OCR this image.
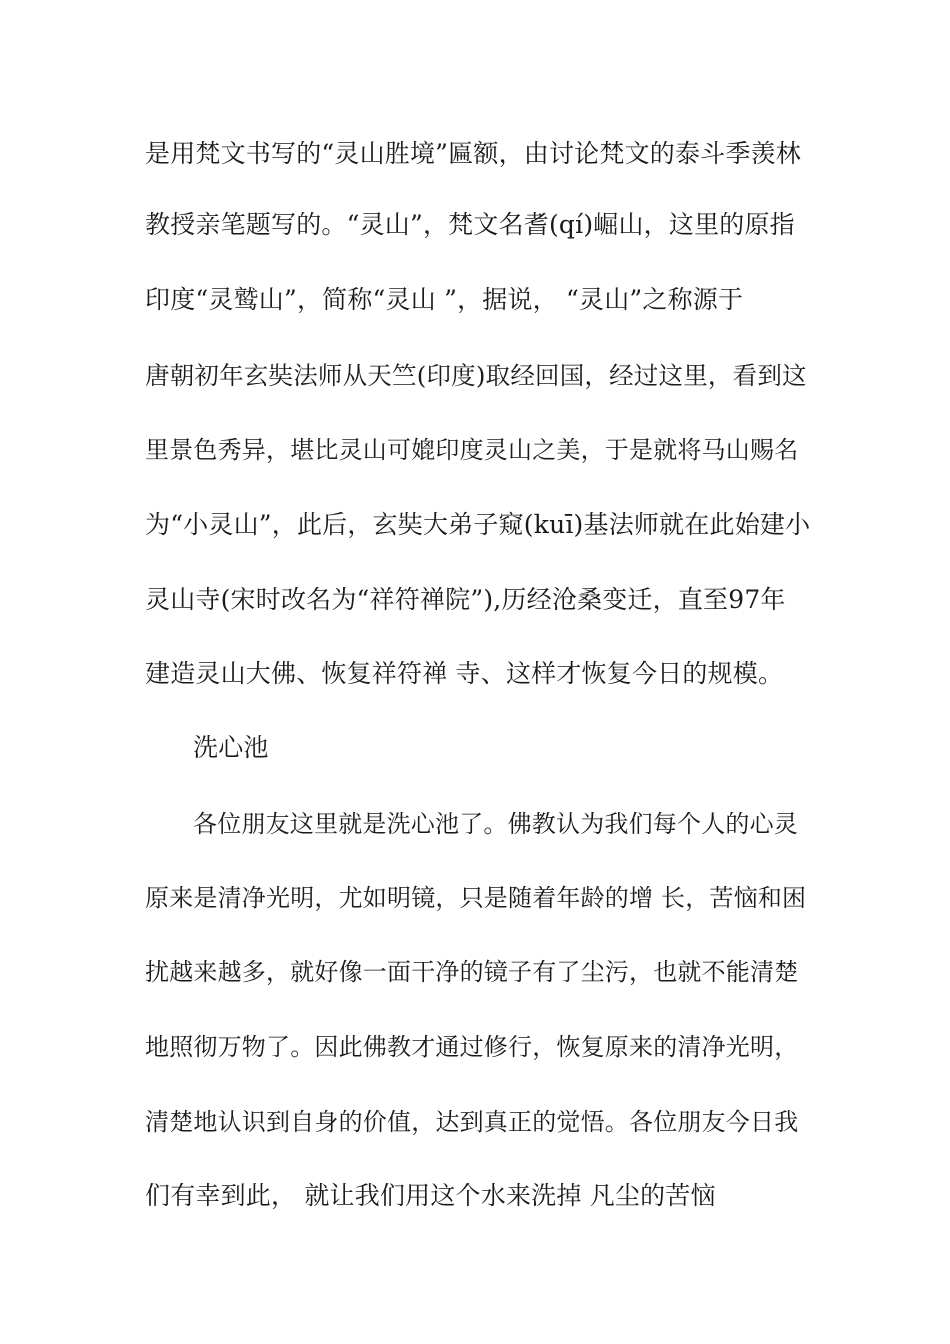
是用梵文书写的“灵山胜境”匾额，由讨论梵文的泰斗季羡林
教授亲笔题写的。“灵山”，梵文名耆(qí)崛山，这里的原指
印度“灵鹫山”，简称“灵山 ”，据说， “灵山”之称源于
唐朝初年玄奘法师从天竺(印度)取经回国，经过这里，看到这
里景色秀异，堪比灵山可媲印度灵山之美，于是就将马山赐名
为“小灵山”，此后，玄奘大弟子窥(kuī)基法师就在此始建小
灵山寺(宋时改名为“祥符禅院”),历经沧桑变迁，直至97年
建造灵山大佛、恢复祥符禅 寺、这样才恢复今日的规模。
洗心池
各位朋友这里就是洗心池了。佛教认为我们每个人的心灵
原来是清净光明，尤如明镜，只是随着年龄的增 长，苦恼和困
扰越来越多，就好像一面干净的镜子有了尘污，也就不能清楚
地照彻万物了。因此佛教才通过修行，恢复原来的清净光明，
清楚地认识到自身的价值，达到真正的觉悟。各位朋友今日我
们有幸到此， 就让我们用这个水来洗掉 凡尘的苦恼
